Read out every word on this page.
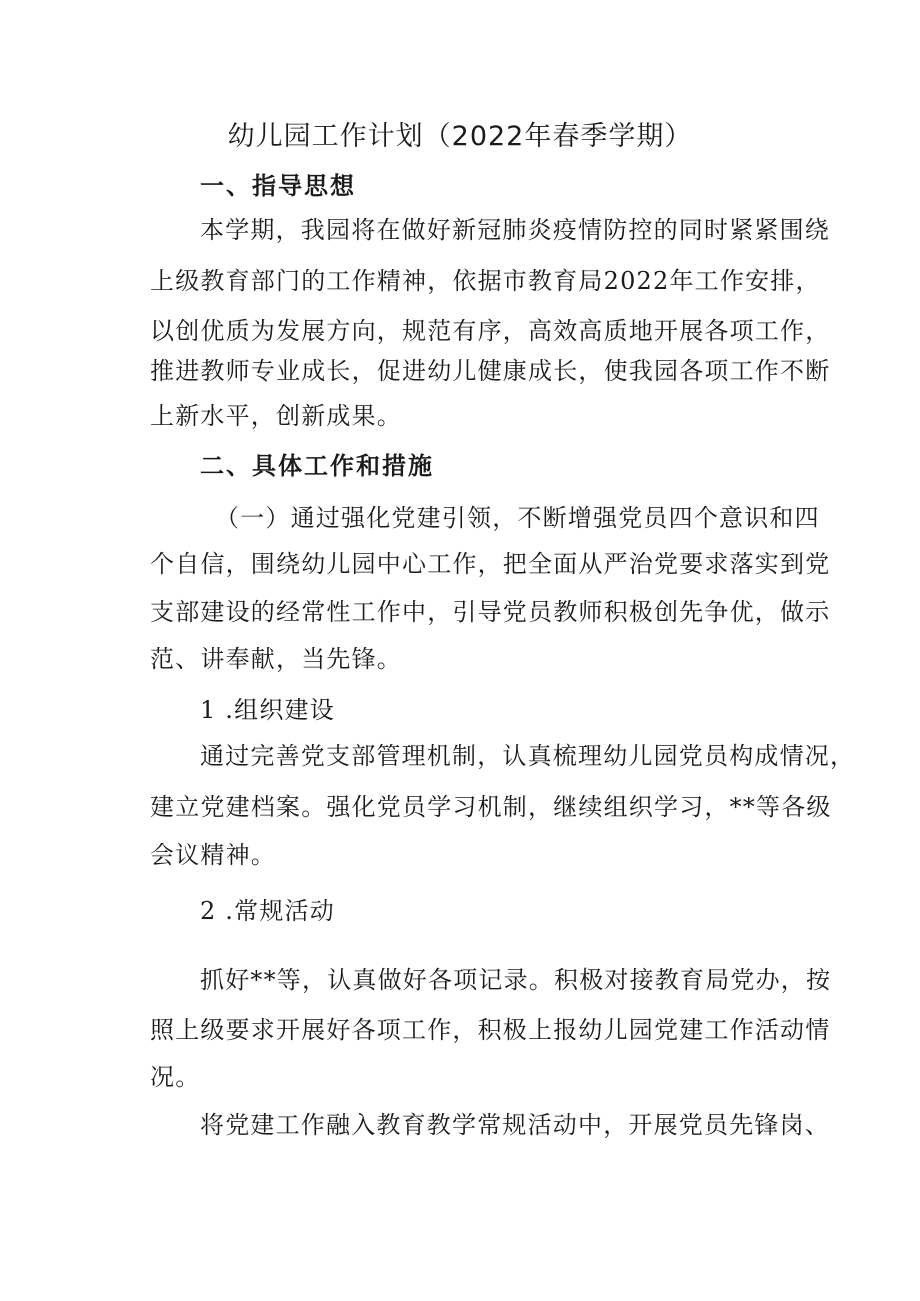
幼儿园工作计划（2022年春季学期）
一、指导思想
本学期，我园将在做好新冠肺炎疫情防控的同时紧紧围绕
上级教育部门的工作精神，依据市教育局2022年工作安排，
以创优质为发展方向，规范有序，高效高质地开展各项工作，
推进教师专业成长，促进幼儿健康成长，使我园各项工作不断
上新水平，创新成果。
二、具体工作和措施
（一）通过强化党建引领，不断增强党员四个意识和四
个自信，围绕幼儿园中心工作，把全面从严治党要求落实到党
支部建设的经常性工作中，引导党员教师积极创先争优，做示
范、讲奉献，当先锋。
1 .组织建设
通过完善党支部管理机制，认真梳理幼儿园党员构成情况，
建立党建档案。强化党员学习机制，继续组织学习，**等各级
会议精神。
2 .常规活动
抓好**等，认真做好各项记录。积极对接教育局党办，按
照上级要求开展好各项工作，积极上报幼儿园党建工作活动情
况。
将党建工作融入教育教学常规活动中，开展党员先锋岗、
